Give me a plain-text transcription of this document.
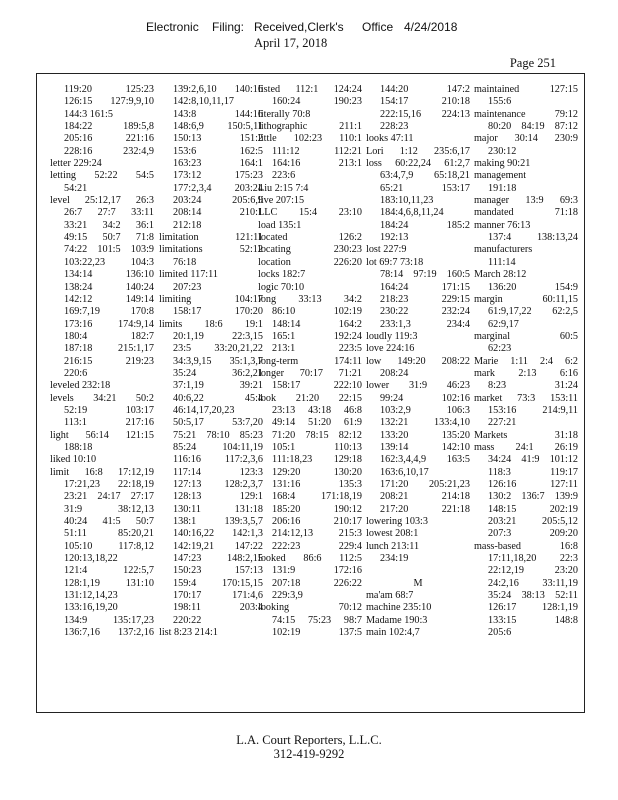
Electronic Filing: Received,Clerk's Office 4/24/2018
April 17, 2018
Page 251
119:20 125:23
126:15 127:9,9,10
144:3 161:5
184:22 189:5,8
205:16 221:16
228:16 232:4,9
letter 229:24
letting 52:22 54:5
54:21
level 25:12,17 26:3
26:7 27:7 33:11
33:21 34:2 36:1
49:15 50:7 71:8
74:22 101:5 103:9
103:22,23 104:3
134:14 136:10
138:24 140:24
142:12 149:14
169:7,19 170:8
173:16 174:9,14
180:4 182:7
187:18 215:1,17
216:15 219:23
220:6
leveled 232:18
levels 34:21 50:2
52:19 103:17
113:1 217:16
light 56:14 121:15
188:18
liked 10:10
limit 16:8 17:12,19
17:21,23 22:18,19
23:21 24:17 27:17
31:9 38:12,13
40:24 41:5 50:7
51:11 85:20,21
105:10 117:8,12
120:13,18,22
121:4 122:5,7
128:1,19 131:10
131:12,14,23
133:16,19,20
134:9 135:17,23
136:7,16 137:2,16
139:2,6,10 140:16
142:8,10,11,17
143:8 144:16
148:6,9 150:5,11
150:13 151:2
153:6 162:5
163:23 164:1
173:12 175:23
177:2,3,4 203:24
203:24 205:6,9
208:14 210:1
212:18
limitation 121:11
limitations 52:12
76:18
limited 117:11
207:23
limiting 104:17
158:17 170:20
limits 18:6 19:1
20:1,19 22:3,15
23:5 33:20,21,22
34:3,9,15 35:1,3,7
35:24 36:2,21
37:1,19 39:21
40:6,22 45:4
46:14,17,20,23
50:5,17 53:7,20
75:21 78:10 85:23
85:24 104:11,19
116:16 117:2,3,6
117:14 123:3
127:13 128:2,3,7
128:13 129:1
130:11 131:18
138:1 139:3,5,7
140:16,22 142:1,3
142:19,21 147:22
147:23 148:2,15
150:23 157:13
159:4 170:15,15
170:17 171:4,6
198:11 203:4
220:22
list 8:23 214:1
listed 112:1 124:24
160:24 190:23
literally 70:8
lithographic 211:1
little 102:23 110:1
111:12 112:21
164:16 213:1
223:6
Liu 2:15 7:4
live 207:15
LLC 15:4 23:10
load 135:1
located 126:2
locating 230:23
location 226:20
locks 182:7
logic 70:10
long 33:13 34:2
86:10 102:19
148:14 164:2
165:1 192:24
213:1 223:5
long-term 174:11
longer 70:17 71:21
158:17 222:10
look 21:20 22:15
23:13 43:18 46:8
49:14 51:20 61:9
71:20 78:15 82:12
105:1 110:13
111:18,23 129:18
129:20 130:20
131:16 135:3
168:4 171:18,19
185:20 190:12
206:16 210:17
214:12,13 215:3
222:23 229:4
looked 86:6 112:5
131:9 172:16
207:18 226:22
229:3,9
looking 70:12
74:15 75:23 98:7
102:19 137:5
144:20 147:2
154:17 210:18
222:15,16 224:13
228:23
looks 47:11
Lori 1:12 235:6,17
loss 60:22,24 61:2,7
63:4,7,9 65:18,21
65:21 153:17
183:10,11,23
184:4,6,8,11,24
184:24 185:2
192:13
lost 227:9
lot 69:7 73:18
78:14 97:19 160:5
164:24 171:15
218:23 229:15
230:22 232:24
233:1,3 234:4
loudly 119:3
love 224:16
low 149:20 208:22
208:24
lower 31:9 46:23
99:24 102:16
103:2,9 106:3
132:21 133:4,10
133:20 135:20
139:14 142:10
162:3,4,4,9 163:5
163:6,10,17
171:20 205:21,23
208:21 214:18
217:20 221:18
lowering 103:3
lowest 208:1
lunch 213:11
234:19

M
ma'am 68:7
machine 235:10
Madame 190:3
main 102:4,7
maintained 127:15
155:6
maintenance 79:12
80:20 84:19 87:12
major 30:14 230:9
230:12
making 90:21
management
191:18
manager 13:9 69:3
mandated 71:18
manner 76:13
137:4 138:13,24
manufacturers
111:14
March 28:12
136:20 154:9
margin 60:11,15
61:9,17,22 62:2,5
62:9,17
marginal 60:5
62:23
Marie 1:11 2:4 6:2
mark 2:13 6:16
8:23 31:24
market 73:3 153:11
153:16 214:9,11
227:21
Markets 31:18
mass 24:1 26:19
34:24 41:9 101:12
118:3 119:17
126:16 127:11
130:2 136:7 139:9
148:15 202:19
203:21 205:5,12
207:3 209:20
mass-based 16:8
17:11,18,20 22:3
22:12,19 23:20
24:2,16 33:11,19
35:24 38:13 52:11
126:17 128:1,19
133:15 148:8
205:6
L.A. Court Reporters, L.L.C.
312-419-9292
